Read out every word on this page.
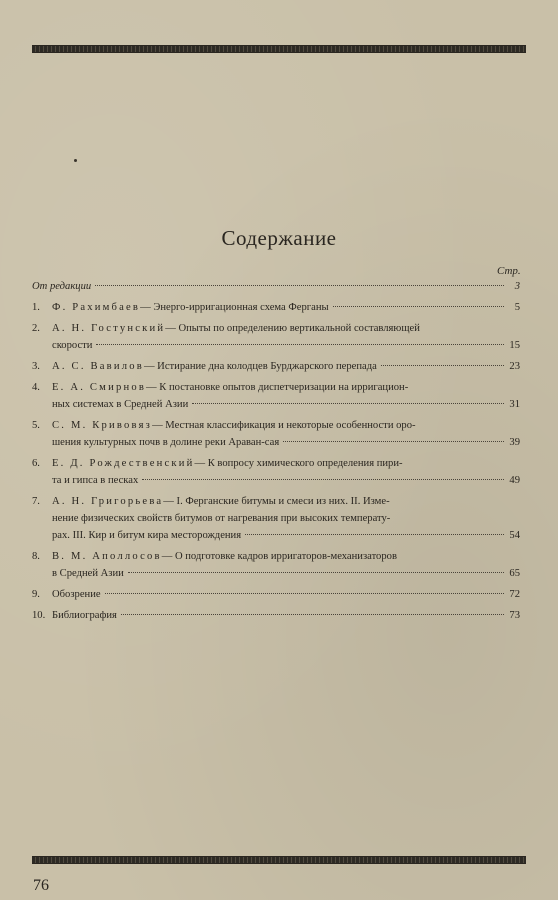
Содержание
Стр.
От редакции	3
1.	Ф. Рахимбаев — Энерго-ирригационная схема Ферганы	5
2.	А. Н. Гостунский — Опыты по определению вертикальной составляющей
скорости	15
3.	А. С. Вавилов — Истирание дна колодцев Бурджарского перепада	23
4.	Е. А. Смирнов — К постановке опытов диспетчеризации на ирригацион-
ных системах в Средней Азии	31
5.	С. М. Кривовяз — Местная классификация и некоторые особенности оро-
шения культурных почв в долине реки Араван-сая	39
6.	Е. Д. Рождественский — К вопросу химического определения пири-
та и гипса в песках	49
7.	А. Н. Григорьева — I. Ферганские битумы и смеси из них. II. Изме-
нение физических свойств битумов от нагревания при высоких температу-
рах. III. Кир и битум кира месторождения	54
8.	В. М. Аполлосов — О подготовке кадров ирригаторов-механизаторов
в Средней Азии	65
9.	Обозрение	72
10. Библиография	73
76
